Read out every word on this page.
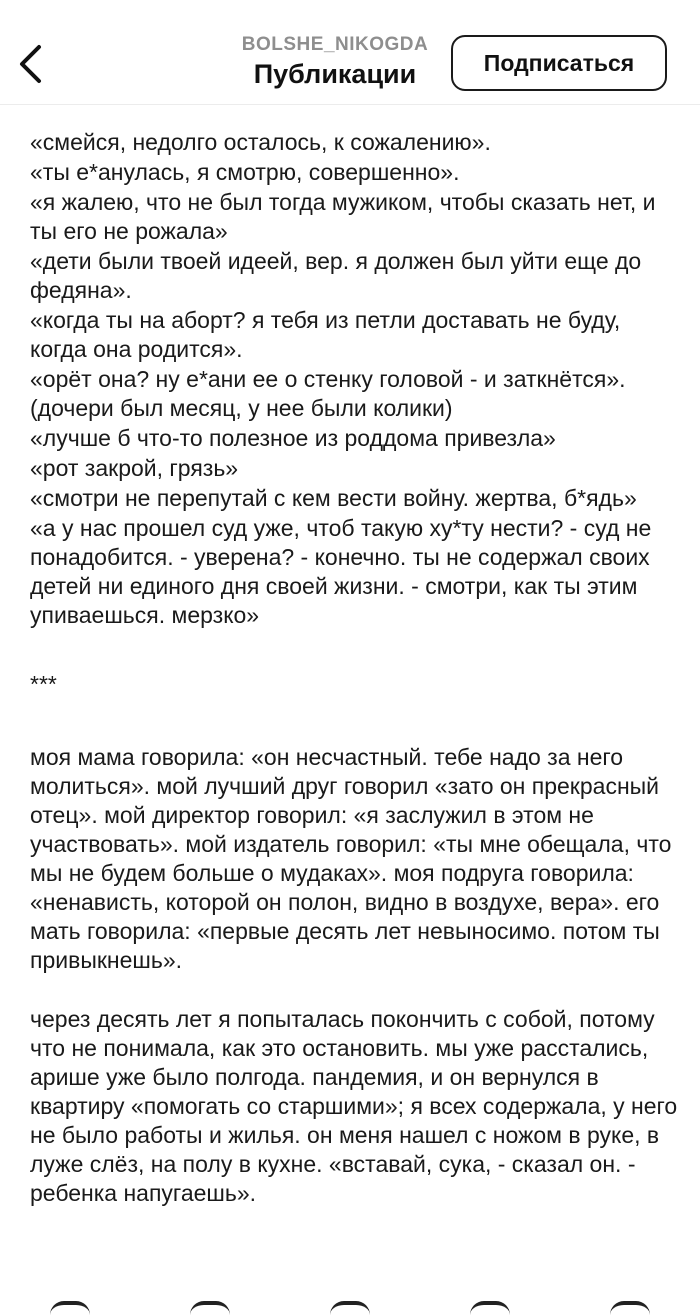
BOLSHE_NIKOGDA
Публикации	Подписаться

«смейся, недолго осталось, к сожалению».

«ты е*анулась, я смотрю, совершенно».

«я жалею, что не был тогда мужиком, чтобы сказать нет, и ты его не рожала»

«дети были твоей идеей, вер. я должен был уйти еще до федяна».

«когда ты на аборт? я тебя из петли доставать не буду, когда она родится».

«орёт она? ну е*ани ее о стенку головой - и заткнётся». (дочери был месяц, у нее были колики)

«лучше б что-то полезное из роддома привезла»

«рот закрой, грязь»

«смотри не перепутай с кем вести войну. жертва, б*ядь»

«а у нас прошел суд уже, чтоб такую ху*ту нести? - суд не понадобится. - уверена? - конечно. ты не содержал своих детей ни единого дня своей жизни. - смотри, как ты этим упиваешься. мерзко»

***

моя мама говорила: «он несчастный. тебе надо за него молиться». мой лучший друг говорил «зато он прекрасный отец». мой директор говорил: «я заслужил в этом не участвовать». мой издатель говорил: «ты мне обещала, что мы не будем больше о мудаках». моя подруга говорила: «ненависть, которой он полон, видно в воздухе, вера». его мать говорила: «первые десять лет невыносимо. потом ты привыкнешь».

через десять лет я попыталась покончить с собой, потому что не понимала, как это остановить. мы уже расстались, арише уже было полгода. пандемия, и он вернулся в квартиру «помогать со старшими»; я всех содержала, у него не было работы и жилья. он меня нашел с ножом в руке, в луже слёз, на полу в кухне. «вставай, сука, - сказал он. - ребенка напугаешь».
